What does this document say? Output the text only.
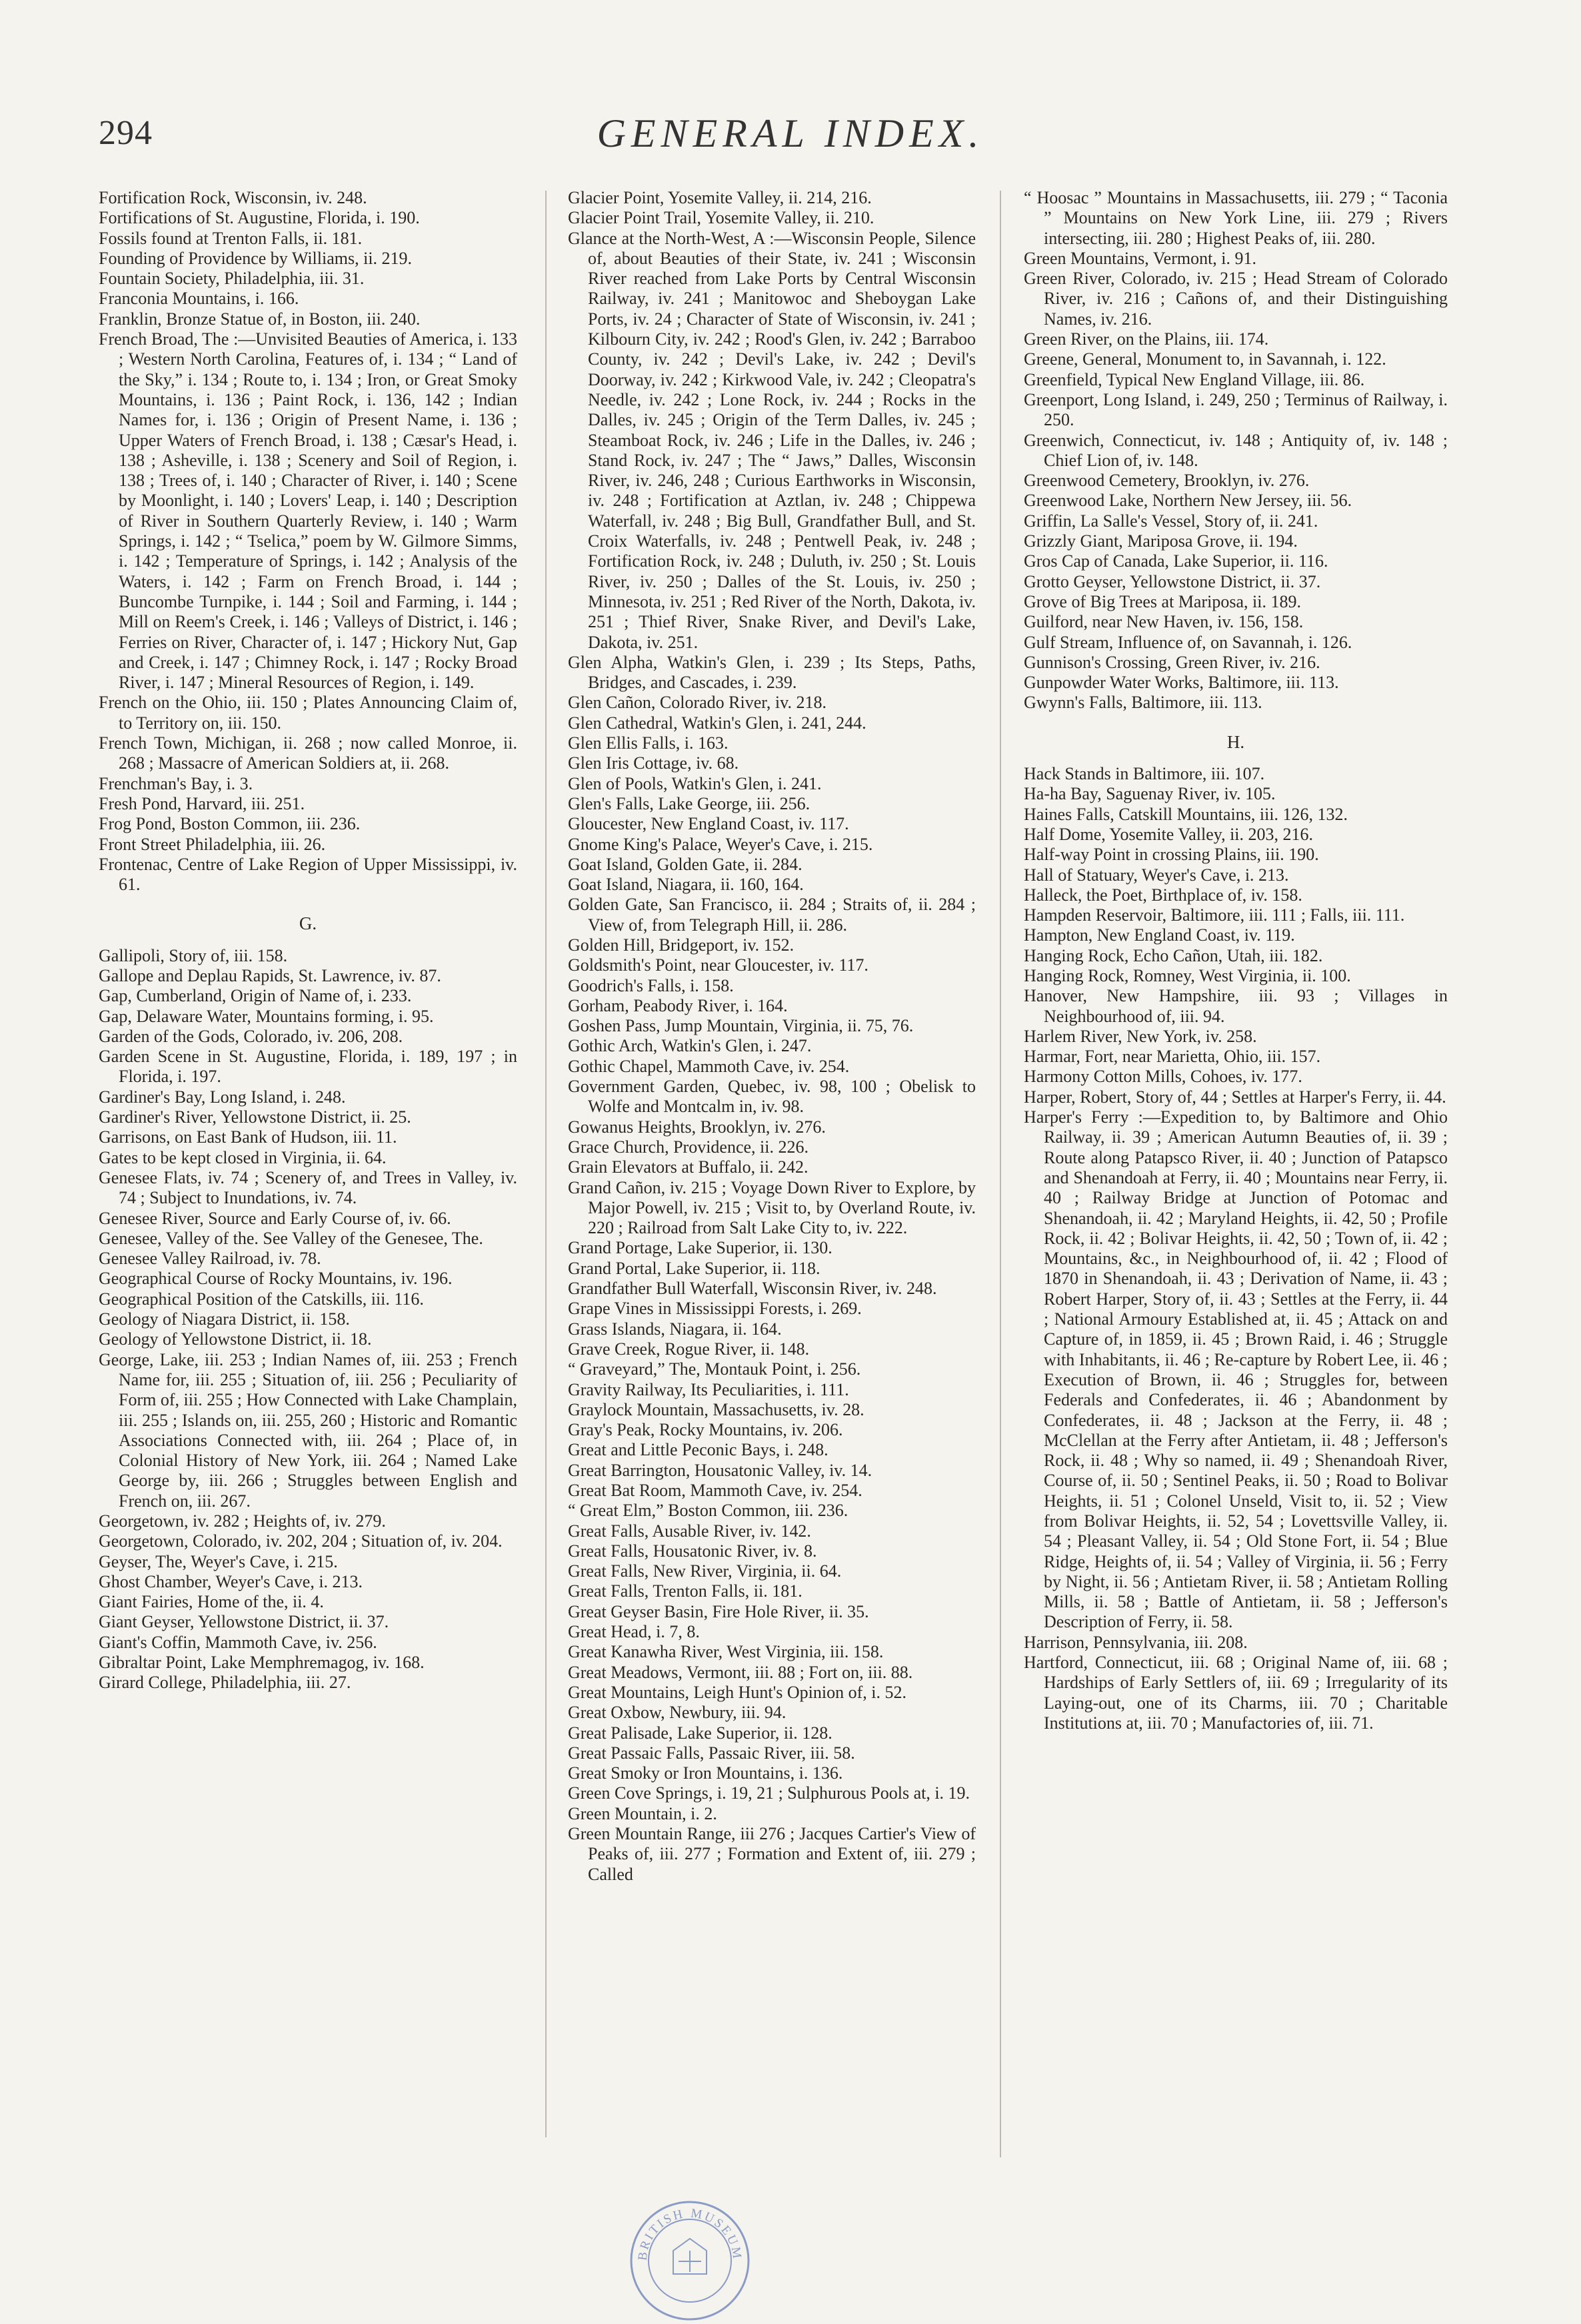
294	GENERAL INDEX.

Fortification Rock, Wisconsin, iv. 248.

Fortifications of St. Augustine, Florida, i. 190.

Fossils found at Trenton Falls, ii. 181.

Founding of Providence by Williams, ii. 219.

Fountain Society, Philadelphia, iii. 31.

Franconia Mountains, i. 166.

Franklin, Bronze Statue of, in Boston, iii. 240.

French Broad, The :—Unvisited Beauties of America, i. 133 ; Western North Carolina, Features of, i. 134 ; “ Land of the Sky,” i. 134 ; Route to, i. 134 ; Iron, or Great Smoky Mountains, i. 136 ; Paint Rock, i. 136, 142 ; Indian Names for, i. 136 ; Origin of Present Name, i. 136 ; Upper Waters of French Broad, i. 138 ; Cæsar's Head, i. 138 ; Asheville, i. 138 ; Scenery and Soil of Region, i. 138 ; Trees of, i. 140 ; Character of River, i. 140 ; Scene by Moonlight, i. 140 ; Lovers' Leap, i. 140 ; Description of River in Southern Quarterly Review, i. 140 ; Warm Springs, i. 142 ; “ Tselica,” poem by W. Gilmore Simms, i. 142 ; Temperature of Springs, i. 142 ; Analysis of the Waters, i. 142 ; Farm on French Broad, i. 144 ; Buncombe Turnpike, i. 144 ; Soil and Farming, i. 144 ; Mill on Reem's Creek, i. 146 ; Valleys of District, i. 146 ; Ferries on River, Character of, i. 147 ; Hickory Nut, Gap and Creek, i. 147 ; Chimney Rock, i. 147 ; Rocky Broad River, i. 147 ; Mineral Resources of Region, i. 149.

French on the Ohio, iii. 150 ; Plates Announcing Claim of, to Territory on, iii. 150.

French Town, Michigan, ii. 268 ; now called Monroe, ii. 268 ; Massacre of American Soldiers at, ii. 268.

Frenchman's Bay, i. 3.

Fresh Pond, Harvard, iii. 251.

Frog Pond, Boston Common, iii. 236.

Front Street Philadelphia, iii. 26.

Frontenac, Centre of Lake Region of Upper Mississippi, iv. 61.

G.

Gallipoli, Story of, iii. 158.

Gallope and Deplau Rapids, St. Lawrence, iv. 87.

Gap, Cumberland, Origin of Name of, i. 233.

Gap, Delaware Water, Mountains forming, i. 95.

Garden of the Gods, Colorado, iv. 206, 208.

Garden Scene in St. Augustine, Florida, i. 189, 197 ; in Florida, i. 197.

Gardiner's Bay, Long Island, i. 248.

Gardiner's River, Yellowstone District, ii. 25.

Garrisons, on East Bank of Hudson, iii. 11.

Gates to be kept closed in Virginia, ii. 64.

Genesee Flats, iv. 74 ; Scenery of, and Trees in Valley, iv. 74 ; Subject to Inundations, iv. 74.

Genesee River, Source and Early Course of, iv. 66.

Genesee, Valley of the. See Valley of the Genesee, The.

Genesee Valley Railroad, iv. 78.

Geographical Course of Rocky Mountains, iv. 196.

Geographical Position of the Catskills, iii. 116.

Geology of Niagara District, ii. 158.

Geology of Yellowstone District, ii. 18.

George, Lake, iii. 253 ; Indian Names of, iii. 253 ; French Name for, iii. 255 ; Situation of, iii. 256 ; Peculiarity of Form of, iii. 255 ; How Connected with Lake Champlain, iii. 255 ; Islands on, iii. 255, 260 ; Historic and Romantic Associations Connected with, iii. 264 ; Place of, in Colonial History of New York, iii. 264 ; Named Lake George by, iii. 266 ; Struggles between English and French on, iii. 267.

Georgetown, iv. 282 ; Heights of, iv. 279.

Georgetown, Colorado, iv. 202, 204 ; Situation of, iv. 204.

Geyser, The, Weyer's Cave, i. 215.

Ghost Chamber, Weyer's Cave, i. 213.

Giant Fairies, Home of the, ii. 4.

Giant Geyser, Yellowstone District, ii. 37.

Giant's Coffin, Mammoth Cave, iv. 256.

Gibraltar Point, Lake Memphremagog, iv. 168.

Girard College, Philadelphia, iii. 27.

Glacier Point, Yosemite Valley, ii. 214, 216.

Glacier Point Trail, Yosemite Valley, ii. 210.

Glance at the North-West, A :—Wisconsin People, Silence of, about Beauties of their State, iv. 241 ; Wisconsin River reached from Lake Ports by Central Wisconsin Railway, iv. 241 ; Manitowoc and Sheboygan Lake Ports, iv. 24 ; Character of State of Wisconsin, iv. 241 ; Kilbourn City, iv. 242 ; Rood's Glen, iv. 242 ; Barraboo County, iv. 242 ; Devil's Lake, iv. 242 ; Devil's Doorway, iv. 242 ; Kirkwood Vale, iv. 242 ; Cleopatra's Needle, iv. 242 ; Lone Rock, iv. 244 ; Rocks in the Dalles, iv. 245 ; Origin of the Term Dalles, iv. 245 ; Steamboat Rock, iv. 246 ; Life in the Dalles, iv. 246 ; Stand Rock, iv. 247 ; The “ Jaws,” Dalles, Wisconsin River, iv. 246, 248 ; Curious Earthworks in Wisconsin, iv. 248 ; Fortification at Aztlan, iv. 248 ; Chippewa Waterfall, iv. 248 ; Big Bull, Grandfather Bull, and St. Croix Waterfalls, iv. 248 ; Pentwell Peak, iv. 248 ; Fortification Rock, iv. 248 ; Duluth, iv. 250 ; St. Louis River, iv. 250 ; Dalles of the St. Louis, iv. 250 ; Minnesota, iv. 251 ; Red River of the North, Dakota, iv. 251 ; Thief River, Snake River, and Devil's Lake, Dakota, iv. 251.

Glen Alpha, Watkin's Glen, i. 239 ; Its Steps, Paths, Bridges, and Cascades, i. 239.

Glen Cañon, Colorado River, iv. 218.

Glen Cathedral, Watkin's Glen, i. 241, 244.

Glen Ellis Falls, i. 163.

Glen Iris Cottage, iv. 68.

Glen of Pools, Watkin's Glen, i. 241.

Glen's Falls, Lake George, iii. 256.

Gloucester, New England Coast, iv. 117.

Gnome King's Palace, Weyer's Cave, i. 215.

Goat Island, Golden Gate, ii. 284.

Goat Island, Niagara, ii. 160, 164.

Golden Gate, San Francisco, ii. 284 ; Straits of, ii. 284 ; View of, from Telegraph Hill, ii. 286.

Golden Hill, Bridgeport, iv. 152.

Goldsmith's Point, near Gloucester, iv. 117.

Goodrich's Falls, i. 158.

Gorham, Peabody River, i. 164.

Goshen Pass, Jump Mountain, Virginia, ii. 75, 76.

Gothic Arch, Watkin's Glen, i. 247.

Gothic Chapel, Mammoth Cave, iv. 254.

Government Garden, Quebec, iv. 98, 100 ; Obelisk to Wolfe and Montcalm in, iv. 98.

Gowanus Heights, Brooklyn, iv. 276.

Grace Church, Providence, ii. 226.

Grain Elevators at Buffalo, ii. 242.

Grand Cañon, iv. 215 ; Voyage Down River to Explore, by Major Powell, iv. 215 ; Visit to, by Overland Route, iv. 220 ; Railroad from Salt Lake City to, iv. 222.

Grand Portage, Lake Superior, ii. 130.

Grand Portal, Lake Superior, ii. 118.

Grandfather Bull Waterfall, Wisconsin River, iv. 248.

Grape Vines in Mississippi Forests, i. 269.

Grass Islands, Niagara, ii. 164.

Grave Creek, Rogue River, ii. 148.

“ Graveyard,” The, Montauk Point, i. 256.

Gravity Railway, Its Peculiarities, i. 111.

Graylock Mountain, Massachusetts, iv. 28.

Gray's Peak, Rocky Mountains, iv. 206.

Great and Little Peconic Bays, i. 248.

Great Barrington, Housatonic Valley, iv. 14.

Great Bat Room, Mammoth Cave, iv. 254.

“ Great Elm,” Boston Common, iii. 236.

Great Falls, Ausable River, iv. 142.

Great Falls, Housatonic River, iv. 8.

Great Falls, New River, Virginia, ii. 64.

Great Falls, Trenton Falls, ii. 181.

Great Geyser Basin, Fire Hole River, ii. 35.

Great Head, i. 7, 8.

Great Kanawha River, West Virginia, iii. 158.

Great Meadows, Vermont, iii. 88 ; Fort on, iii. 88.

Great Mountains, Leigh Hunt's Opinion of, i. 52.

Great Oxbow, Newbury, iii. 94.

Great Palisade, Lake Superior, ii. 128.

Great Passaic Falls, Passaic River, iii. 58.

Great Smoky or Iron Mountains, i. 136.

Green Cove Springs, i. 19, 21 ; Sulphurous Pools at, i. 19.

Green Mountain, i. 2.

Green Mountain Range, iii 276 ; Jacques Cartier's View of Peaks of, iii. 277 ; Formation and Extent of, iii. 279 ; Called

“ Hoosac ” Mountains in Massachusetts, iii. 279 ; “ Taconia ” Mountains on New York Line, iii. 279 ; Rivers intersecting, iii. 280 ; Highest Peaks of, iii. 280.

Green Mountains, Vermont, i. 91.

Green River, Colorado, iv. 215 ; Head Stream of Colorado River, iv. 216 ; Cañons of, and their Distinguishing Names, iv. 216.

Green River, on the Plains, iii. 174.

Greene, General, Monument to, in Savannah, i. 122.

Greenfield, Typical New England Village, iii. 86.

Greenport, Long Island, i. 249, 250 ; Terminus of Railway, i. 250.

Greenwich, Connecticut, iv. 148 ; Antiquity of, iv. 148 ; Chief Lion of, iv. 148.

Greenwood Cemetery, Brooklyn, iv. 276.

Greenwood Lake, Northern New Jersey, iii. 56.

Griffin, La Salle's Vessel, Story of, ii. 241.

Grizzly Giant, Mariposa Grove, ii. 194.

Gros Cap of Canada, Lake Superior, ii. 116.

Grotto Geyser, Yellowstone District, ii. 37.

Grove of Big Trees at Mariposa, ii. 189.

Guilford, near New Haven, iv. 156, 158.

Gulf Stream, Influence of, on Savannah, i. 126.

Gunnison's Crossing, Green River, iv. 216.

Gunpowder Water Works, Baltimore, iii. 113.

Gwynn's Falls, Baltimore, iii. 113.

H.

Hack Stands in Baltimore, iii. 107.

Ha-ha Bay, Saguenay River, iv. 105.

Haines Falls, Catskill Mountains, iii. 126, 132.

Half Dome, Yosemite Valley, ii. 203, 216.

Half-way Point in crossing Plains, iii. 190.

Hall of Statuary, Weyer's Cave, i. 213.

Halleck, the Poet, Birthplace of, iv. 158.

Hampden Reservoir, Baltimore, iii. 111 ; Falls, iii. 111.

Hampton, New England Coast, iv. 119.

Hanging Rock, Echo Cañon, Utah, iii. 182.

Hanging Rock, Romney, West Virginia, ii. 100.

Hanover, New Hampshire, iii. 93 ; Villages in Neighbourhood of, iii. 94.

Harlem River, New York, iv. 258.

Harmar, Fort, near Marietta, Ohio, iii. 157.

Harmony Cotton Mills, Cohoes, iv. 177.

Harper, Robert, Story of, 44 ; Settles at Harper's Ferry, ii. 44.

Harper's Ferry :—Expedition to, by Baltimore and Ohio Railway, ii. 39 ; American Autumn Beauties of, ii. 39 ; Route along Patapsco River, ii. 40 ; Junction of Patapsco and Shenandoah at Ferry, ii. 40 ; Mountains near Ferry, ii. 40 ; Railway Bridge at Junction of Potomac and Shenandoah, ii. 42 ; Maryland Heights, ii. 42, 50 ; Profile Rock, ii. 42 ; Bolivar Heights, ii. 42, 50 ; Town of, ii. 42 ; Mountains, &c., in Neighbourhood of, ii. 42 ; Flood of 1870 in Shenandoah, ii. 43 ; Derivation of Name, ii. 43 ; Robert Harper, Story of, ii. 43 ; Settles at the Ferry, ii. 44 ; National Armoury Established at, ii. 45 ; Attack on and Capture of, in 1859, ii. 45 ; Brown Raid, i. 46 ; Struggle with Inhabitants, ii. 46 ; Re-capture by Robert Lee, ii. 46 ; Execution of Brown, ii. 46 ; Struggles for, between Federals and Confederates, ii. 46 ; Abandonment by Confederates, ii. 48 ; Jackson at the Ferry, ii. 48 ; McClellan at the Ferry after Antietam, ii. 48 ; Jefferson's Rock, ii. 48 ; Why so named, ii. 49 ; Shenandoah River, Course of, ii. 50 ; Sentinel Peaks, ii. 50 ; Road to Bolivar Heights, ii. 51 ; Colonel Unseld, Visit to, ii. 52 ; View from Bolivar Heights, ii. 52, 54 ; Lovettsville Valley, ii. 54 ; Pleasant Valley, ii. 54 ; Old Stone Fort, ii. 54 ; Blue Ridge, Heights of, ii. 54 ; Valley of Virginia, ii. 56 ; Ferry by Night, ii. 56 ; Antietam River, ii. 58 ; Antietam Rolling Mills, ii. 58 ; Battle of Antietam, ii. 58 ; Jefferson's Description of Ferry, ii. 58.

Harrison, Pennsylvania, iii. 208.

Hartford, Connecticut, iii. 68 ; Original Name of, iii. 68 ; Hardships of Early Settlers of, iii. 69 ; Irregularity of its Laying-out, one of its Charms, iii. 70 ; Charitable Institutions at, iii. 70 ; Manufactories of, iii. 71.

BRITISH MUSEUM
